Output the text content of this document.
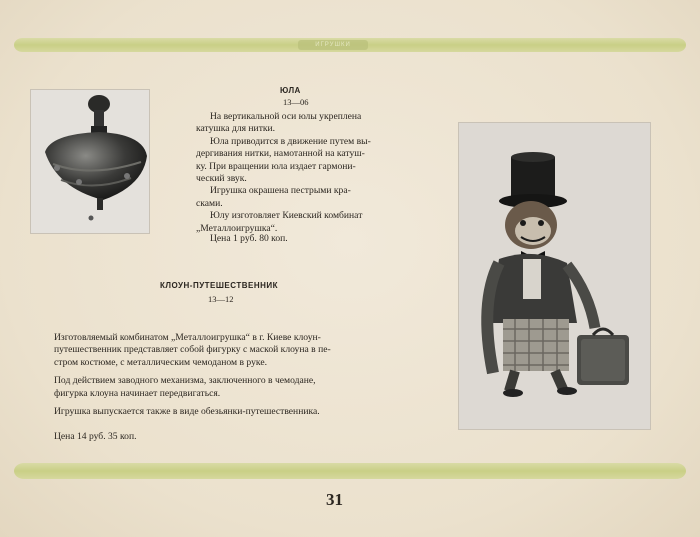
ИГРУШКИ
ЮЛА
13—06

На вертикальной оси юлы укреплена

катушка для нитки.

Юла приводится в движение путем вы-

дергивания нитки, намотанной на катуш-

ку. При вращении юла издает гармони-

ческий звук.

Игрушка окрашена пестрыми кра-

сками.

Юлу изготовляет Киевский комбинат

„Металлоигрушка“.

Цена 1 руб. 80 коп.
КЛОУН-ПУТЕШЕСТВЕННИК
13—12

Изготовляемый комбинатом „Металлоигрушка“ в г. Киеве клоун-

путешественник представляет собой фигурку с маской клоуна в пе-

стром костюме, с металлическим чемоданом в руке.

Под действием заводного механизма, заключенного в чемодане,

фигурка клоуна начинает передвигаться.

Игрушка выпускается также в виде обезьянки-путешественника.

Цена 14 руб. 35 коп.
31
